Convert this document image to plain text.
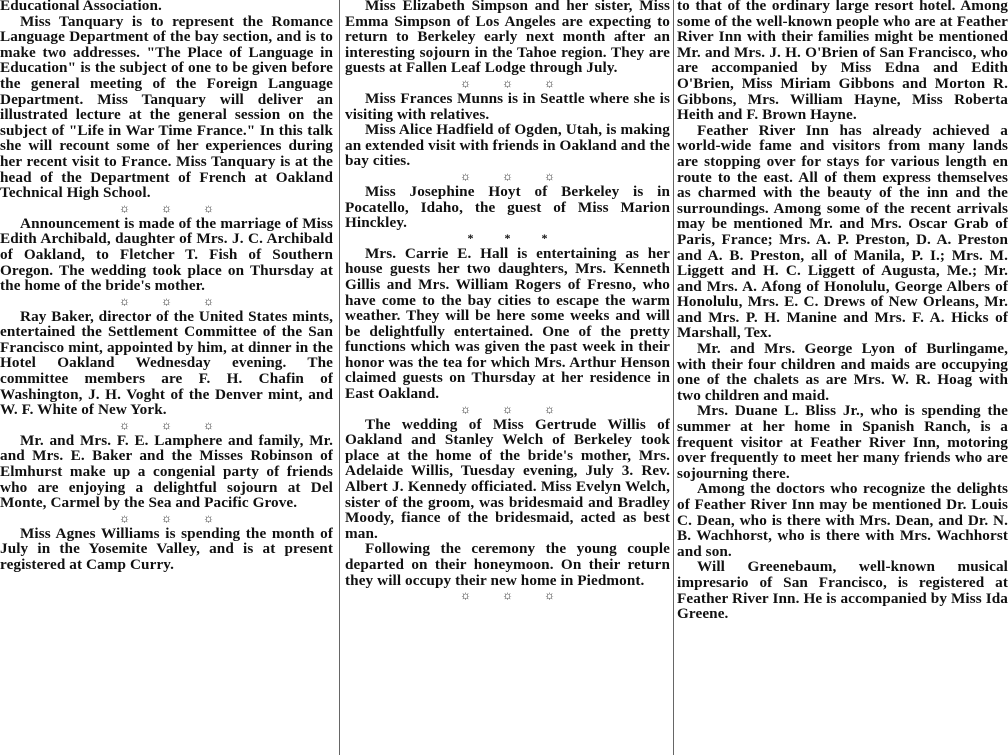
Educational Association.

Miss Tanquary is to represent the Romance Language Department of the bay section, and is to make two addresses. "The Place of Language in Education" is the subject of one to be given before the general meeting of the Foreign Language Department. Miss Tanquary will deliver an illustrated lecture at the general session on the subject of "Life in War Time France." In this talk she will recount some of her experiences during her recent visit to France. Miss Tanquary is at the head of the Department of French at Oakland Technical High School.

☼ ☼ ☼

Announcement is made of the marriage of Miss Edith Archibald, daughter of Mrs. J. C. Archibald of Oakland, to Fletcher T. Fish of Southern Oregon. The wedding took place on Thursday at the home of the bride's mother.

☼ ☼ ☼

Ray Baker, director of the United States mints, entertained the Settlement Committee of the San Francisco mint, appointed by him, at dinner in the Hotel Oakland Wednesday evening. The committee members are F. H. Chafin of Washington, J. H. Voght of the Denver mint, and W. F. White of New York.

☼ ☼ ☼

Mr. and Mrs. F. E. Lamphere and family, Mr. and Mrs. E. Baker and the Misses Robinson of Elmhurst make up a congenial party of friends who are enjoying a delightful sojourn at Del Monte, Carmel by the Sea and Pacific Grove.

☼ ☼ ☼

Miss Agnes Williams is spending the month of July in the Yosemite Valley, and is at present registered at Camp Curry.

Miss Elizabeth Simpson and her sister, Miss Emma Simpson of Los Angeles are expecting to return to Berkeley early next month after an interesting sojourn in the Tahoe region. They are guests at Fallen Leaf Lodge through July.

☼ ☼ ☼

Miss Frances Munns is in Seattle where she is visiting with relatives.

Miss Alice Hadfield of Ogden, Utah, is making an extended visit with friends in Oakland and the bay cities.

☼ ☼ ☼

Miss Josephine Hoyt of Berkeley is in Pocatello, Idaho, the guest of Miss Marion Hinckley.

* * *

Mrs. Carrie E. Hall is entertaining as her house guests her two daughters, Mrs. Kenneth Gillis and Mrs. William Rogers of Fresno, who have come to the bay cities to escape the warm weather. They will be here some weeks and will be delightfully entertained. One of the pretty functions which was given the past week in their honor was the tea for which Mrs. Arthur Henson claimed guests on Thursday at her residence in East Oakland.

☼ ☼ ☼

The wedding of Miss Gertrude Willis of Oakland and Stanley Welch of Berkeley took place at the home of the bride's mother, Mrs. Adelaide Willis, Tuesday evening, July 3. Rev. Albert J. Kennedy officiated. Miss Evelyn Welch, sister of the groom, was bridesmaid and Bradley Moody, fiance of the bridesmaid, acted as best man.

Following the ceremony the young couple departed on their honeymoon. On their return they will occupy their new home in Piedmont.

☼ ☼ ☼

to that of the ordinary large resort hotel. Among some of the well-known people who are at Feather River Inn with their families might be mentioned Mr. and Mrs. J. H. O'Brien of San Francisco, who are accompanied by Miss Edna and Edith O'Brien, Miss Miriam Gibbons and Morton R. Gibbons, Mrs. William Hayne, Miss Roberta Heith and F. Brown Hayne.

Feather River Inn has already achieved a world-wide fame and visitors from many lands are stopping over for stays for various length en route to the east. All of them express themselves as charmed with the beauty of the inn and the surroundings. Among some of the recent arrivals may be mentioned Mr. and Mrs. Oscar Grab of Paris, France; Mrs. A. P. Preston, D. A. Preston and A. B. Preston, all of Manila, P. I.; Mrs. M. Liggett and H. C. Liggett of Augusta, Me.; Mr. and Mrs. A. Afong of Honolulu, George Albers of Honolulu, Mrs. E. C. Drews of New Orleans, Mr. and Mrs. P. H. Manine and Mrs. F. A. Hicks of Marshall, Tex.

Mr. and Mrs. George Lyon of Burlingame, with their four children and maids are occupying one of the chalets as are Mrs. W. R. Hoag with two children and maid.

Mrs. Duane L. Bliss Jr., who is spending the summer at her home in Spanish Ranch, is a frequent visitor at Feather River Inn, motoring over frequently to meet her many friends who are sojourning there.

Among the doctors who recognize the delights of Feather River Inn may be mentioned Dr. Louis C. Dean, who is there with Mrs. Dean, and Dr. N. B. Wachhorst, who is there with Mrs. Wachhorst and son.

Will Greenebaum, well-known musical impresario of San Francisco, is registered at Feather River Inn. He is accompanied by Miss Ida Greene.
